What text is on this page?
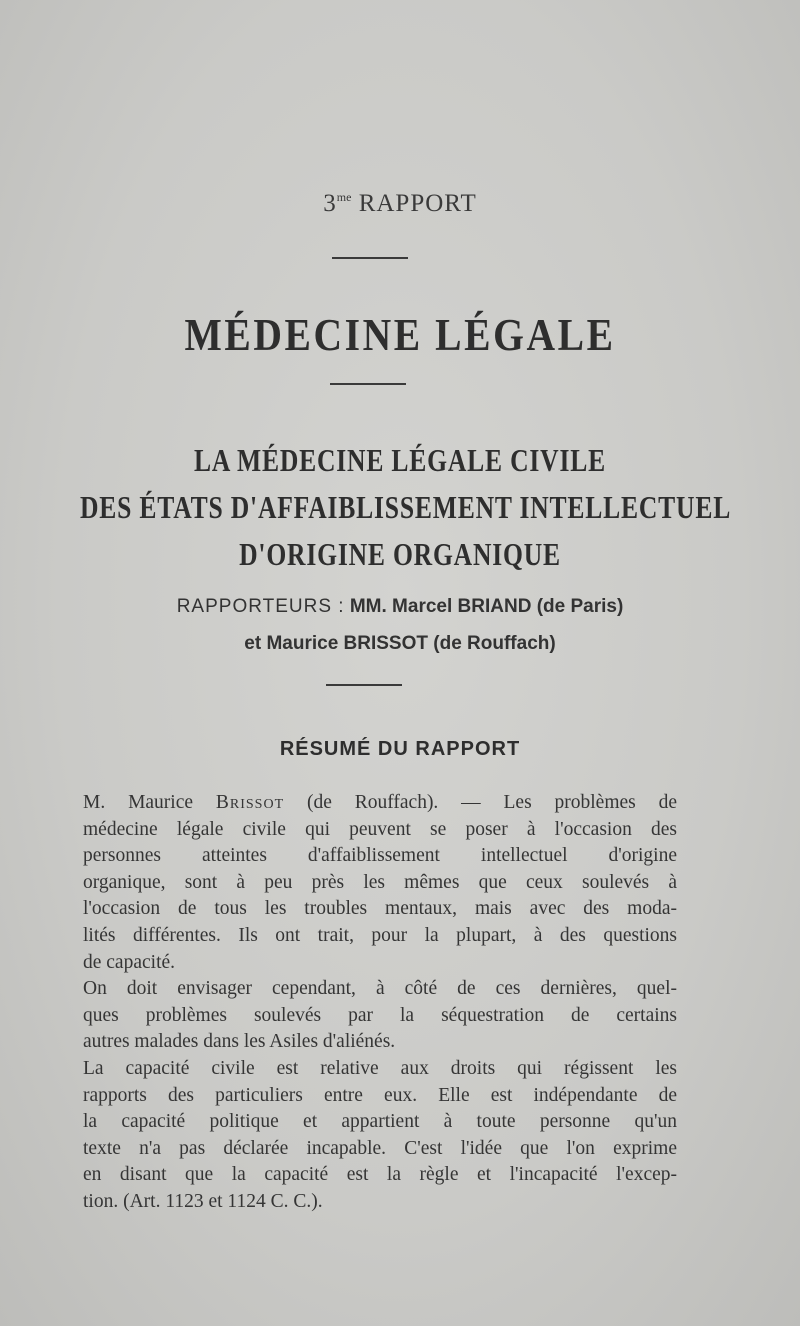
$3^{me}$ RAPPORT
MÉDECINE LÉGALE
LA MÉDECINE LÉGALE CIVILE
DES ÉTATS D'AFFAIBLISSEMENT INTELLECTUEL
D'ORIGINE ORGANIQUE
RAPPORTEURS : MM. Marcel BRIAND (de Paris)
et Maurice BRISSOT (de Rouffach)
RÉSUMÉ DU RAPPORT
M. Maurice Brissot (de Rouffach). — Les problèmes de
médecine légale civile qui peuvent se poser à l'occasion des
personnes atteintes d'affaiblissement intellectuel d'origine
organique, sont à peu près les mêmes que ceux soulevés à
l'occasion de tous les troubles mentaux, mais avec des moda-
lités différentes. Ils ont trait, pour la plupart, à des questions
de capacité.
On doit envisager cependant, à côté de ces dernières, quel-
ques problèmes soulevés par la séquestration de certains
autres malades dans les Asiles d'aliénés.
La capacité civile est relative aux droits qui régissent les
rapports des particuliers entre eux. Elle est indépendante de
la capacité politique et appartient à toute personne qu'un
texte n'a pas déclarée incapable. C'est l'idée que l'on exprime
en disant que la capacité est la règle et l'incapacité l'excep-
tion. (Art. 1123 et 1124 C. C.).
